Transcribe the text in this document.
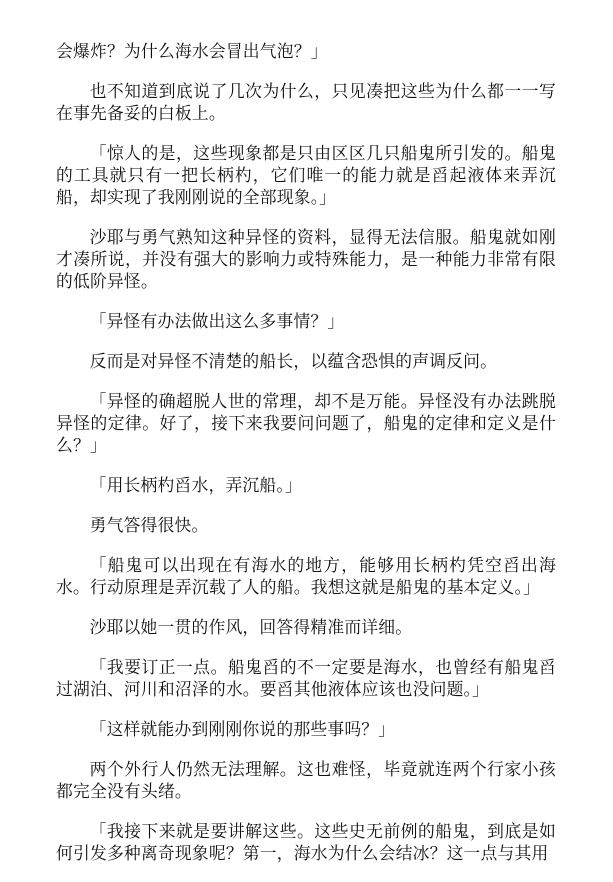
会爆炸？为什么海水会冒出气泡？」

也不知道到底说了几次为什么，只见凑把这些为什么都一一写在事先备妥的白板上。

「惊人的是，这些现象都是只由区区几只船鬼所引发的。船鬼的工具就只有一把长柄杓，它们唯一的能力就是舀起液体来弄沉船，却实现了我刚刚说的全部现象。」

沙耶与勇气熟知这种异怪的资料，显得无法信服。船鬼就如刚才凑所说，并没有强大的影响力或特殊能力，是一种能力非常有限的低阶异怪。

「异怪有办法做出这么多事情？」

反而是对异怪不清楚的船长，以蕴含恐惧的声调反问。

「异怪的确超脱人世的常理，却不是万能。异怪没有办法跳脱异怪的定律。好了，接下来我要问问题了，船鬼的定律和定义是什么？」

「用长柄杓舀水，弄沉船。」

勇气答得很快。

「船鬼可以出现在有海水的地方，能够用长柄杓凭空舀出海水。行动原理是弄沉载了人的船。我想这就是船鬼的基本定义。」

沙耶以她一贯的作风，回答得精准而详细。

「我要订正一点。船鬼舀的不一定要是海水，也曾经有船鬼舀过湖泊、河川和沼泽的水。要舀其他液体应该也没问题。」

「这样就能办到刚刚你说的那些事吗？」

两个外行人仍然无法理解。这也难怪，毕竟就连两个行家小孩都完全没有头绪。

「我接下来就是要讲解这些。这些史无前例的船鬼，到底是如何引发多种离奇现象呢？第一，海水为什么会结冰？这一点与其用
